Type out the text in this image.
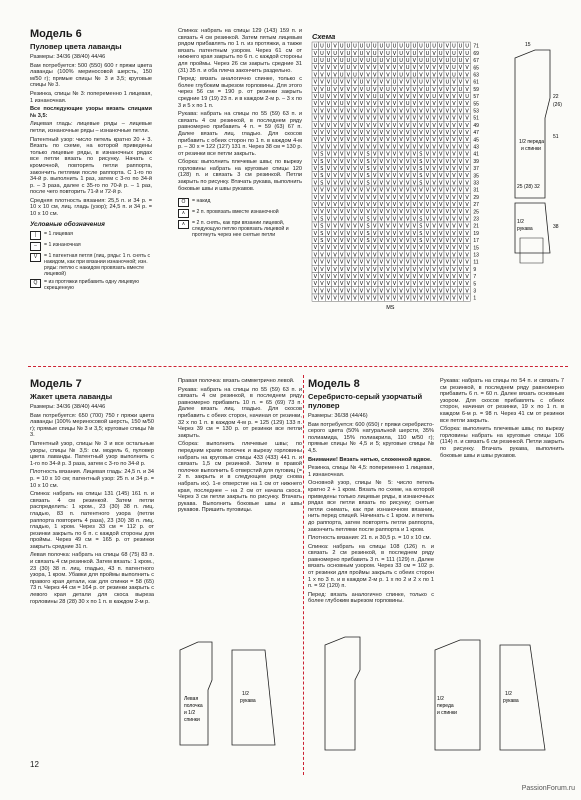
Модель 6
Пуловер цвета лаванды
Размеры: 34/36 (38/40) 44/46
Вам потребуется: 500 (550) 600 г пряжи цвета лаванды (100% мериносовой шерсть, 150 м/50 г); прямые спицы № 3 и 3,5; круговые спицы № 3.
Резинка, спицы № 3: попеременно 1 лицевая, 1 изнаночная.
Все последующие узоры вязать спицами № 3,5:
Лицевая гладь: лицевые ряды – лицевые петли, изнаночные ряды – изнаночные петли.
Патентный узор: число петель кратно 20 + 3. Вязать по схеме, на которой приведены только лицевые ряды, в изнаночных рядах все петли вязать по рисунку. Начать с кромочной, повторять петли раппорта, закончить петлями после раппорта. С 1-го по 34-й р. выполнить 1 раз, затем с 3-го по 34-й р. – 3 раза, далее с 35-го по 70-й р. – 1 раз, после чего повторить 71-й и 72-й р.
Средняя плотность вязания: 25,5 п. и 34 р. = 10 х 10 см, лиц. гладь (узор); 24,5 п. и 34 р. = 10 х 10 см.
Условные обозначения
|	= 1 лицевая
–	= 1 изнаночная
V	= 1 патентная петля (лиц. ряды: 1 п. снять с накидом, как при вязании изнаночной; изн. ряды: петлю с накидом провязать вместе лицевой)
Q	= из протяжки прибавить одну лицевую скрещенную
Спинка: набрать на спицы 129 (143) 159 п. и связать 4 см резинкой. Затем пятым лицевым рядом прибавлять по 1 п. из протяжки, а также вязать патентным узором. Через 61 см от нижнего края закрыть по 6 п. с каждой стороны для проймы. Через 26 см закрыть средние 31 (31) 35 п. и оба плеча закончить раздельно.
Перед: вязать аналогично спинке, только с более глубоким вырезом горловины. Для этого через 56 см = 190 р. от резинки закрыть средние 19 (19) 23 п. и в каждом 2-м р. – 3 х по 3 и 5 х по 1 п.
Рукава: набрать на спицы по 55 (59) 63 п. и связать 4 см резинкой, в последнем ряду равномерно прибавить 4 п. = 59 (63) 67 п. Далее вязать лиц. гладью. Для скосов прибавить с обеих сторон по 1 п. в каждом 4-м р. – 30 х = 122 (127) 131 п. Через 38 см = 130 р. от резинки все петли закрыть.
Сборка: выполнить плечевые швы; по вырезу горловины набрать на круговые спицы 120 (128) п. и связать 3 см резинкой. Петли закрыть по рисунку. Втачать рукава, выполнить боковые швы и швы рукавов.
O	= накид
∧	= 2 п. провязать вместе изнаночной
∧	= 2 п. снять, как при вязании лицевой, следующую петлю провязать лицевой и протянуть через нее снятые петли
Схема
U U U V U U U U U U U U U U U U U U U U V U U U 71
V U V U V U V U V U V U V U V U V U V U V U V U 69
U U U V U U U V U U U V U U U V U U U V U U U V 67
V V V V V U V V V V V V V V U V V V V V V U V V 65
V V V V U V U V V V V V V U V U V V V V V U V V 63
V V V U V V V U V V V V U V V V U V V V U V V V 61
V V U V V V V V U V V U V V V V V U V V V V U V 59
V U V V V V V V V U U V V V V V V V U V V V V U 57
V V V V U V V V V V V V V V U V V V V V V V V V 55
V V V V V V V V V V V V V V V V V V V V V V V V 53
V V V V V V V V V V V V V V V V V V V V V V V V 51
V V V V V V V V V V V V V V V V V V V V V V V V 49
V V V V V V V V V V V V V V V V V V V V V V V V 47
V V V V V V V V V V V V V V V V V V V V V V V V 45
V V V V V V V V V V V V V V V V V V V V V V V V 43
V S V V V V V V S V V V V V V V S V V V V V V V 41
V S V V V V V V S V V V V V V V S V V V V V V V 39
V S V V V V V V S V V V V V V V S V V V V V V V 37
V S V V V V V V S V V V V V V V S V V V V V V V 35
V S V V V V V V S V V V V V V V S V V V V V V V 33
V V V V V V V V V V V V V V V V V V V V V V V V 31
V V V V V V V V V V V V V V V V V V V V V V V V 29
V V V V V V V V V V V V V V V V V V V V V V V V 27
V V V V V V V V V V V V V V V V V V V V V V V V 25
V S V V V V V V S V V V V V V V S V V V V V V V 23
V S V V V V V V S V V V V V V V S V V V V V V V 21
V S V V V V V V S V V V V V V V S V V V V V V V 19
V S V V V V V V S V V V V V V V S V V V V V V V 17
V V V V V V V V V V V V V V V V V V V V V V V V 15
V V V V V V V V V V V V V V V V V V V V V V V V 13
V V V V V V V V V V V V V V V V V V V V V V V V 11
V V V V V V V V V V V V V V V V V V V V V V V V 9
V V V V V V V V V V V V V V V V V V V V V V V V 7
V V V V V V V V V V V V V V V V V V V V V V V V 5
V V V V V V V V V V V V V V V V V V V V V V V V 3
V V V V V V V V V V V V V V V V V V V V V V V V 1
МS
15
22
(26)
51
1/2 переда
и спинки
25 (28) 32
1/2
рукава	38
Модель 7
Жакет цвета лаванды
Размеры: 34/36 (38/40) 44/46
Вам потребуется: 650 (700) 750 г пряжи цвета лаванды (100% мериносовой шерсть, 150 м/50 г); прямые спицы № 3 и 3,5; круговые спицы № 3.
Патентный узор, спицы № 3 и все остальные узоры, спицы № 3,5: см. модель 6, пуловер цвета лаванды. Патентный узор выполнить с 1-го по 34-й р. 3 раза, затем с 3-го по 34-й р.
Плотность вязания. Лицевая гладь: 24,5 п. и 34 р. = 10 х 10 см; патентный узор: 25 п. и 34 р. = 10 х 10 см.
Спинка: набрать на спицы 131 (145) 161 п. и связать 4 см резинкой. Затем петли распределить: 1 кром., 23 (30) 38 п. лиц. гладью, 83 п. патентного узора (петли раппорта повторить 4 раза), 23 (30) 38 п. лиц. гладью, 1 кром. Через 33 см = 112 р. от резинки закрыть по 6 п. с каждой стороны для проймы. Через 49 см = 165 р. от резинки закрыть средние 31 п.
Левая полочка: набрать на спицы 68 (75) 83 п. и связать 4 см резинкой. Затем вязать: 1 кром., 23 (30) 38 п. лиц. гладью, 43 п. патентного узора, 1 кром. Убавки для проймы выполнить с правого края детали, как для спинки = 58 (65) 73 п. Через 44 см = 164 р. от резинки закрыть с левого края детали для скоса выреза горловины 28 (28) 30 х по 1 п. в каждом 2-м р.
Правая полочка: вязать симметрично левой.
Рукава: набрать на спицы по 55 (59) 63 п. и связать 4 см резинкой, в последнем ряду равномерно прибавить 10 п. = 65 (69) 73 п. Далее вязать лиц. гладью. Для скосов прибавить с обеих сторон, начиная от резинки, 32 х по 1 п. в каждом 4-м р. = 125 (129) 133 п. Через 39 см = 130 р. от резинки все петли закрыть.
Сборка: выполнить плечевые швы; по передним краям полочек и вырезу горловины набрать на круговые спицы 433 (433) 441 п. и связать 1,5 см резинкой. Затем в правой полочке выполнить 6 отверстий для пуговиц (= 2 п. закрыть и в следующем ряду снова набрать их). 1-е отверстие на 1 см от нижнего края, последнее – на 2 см от начала скоса. Через 3 см петли закрыть по рисунку. Втачать рукава. Выполнить боковые швы и швы рукавов. Пришить пуговицы.
Левая
полочка
и 1/2
спинки
1/2
рукава
Модель 8
Серебристо-серый узорчатый пуловер
Размеры: 36/38 (44/46)
Вам потребуется: 600 (650) г пряжи серебристо-серого цвета (50% натуральной шерсти, 35% полиамида, 15% полиакрила, 110 м/50 г); прямые спицы № 4,5 и 5; круговые спицы № 4,5.
Внимание! Вязать нитью, сложенной вдвое.
Резинка, спицы № 4,5: попеременно 1 лицевая, 1 изнаночная.
Основной узор, спицы № 5: число петель кратно 2 + 1 кром. Вязать по схеме, на которой приведены только лицевые ряды, в изнаночных рядах все петли вязать по рисунку; снятые петли снимать, как при изнаночном вязании, нить перед спицей. Начинать с 1 кром. и петель до раппорта, затем повторять петли раппорта, закончить петлями после раппорта и 1 кром.
Плотность вязания: 21 п. и 30,5 р. = 10 х 10 см.
Спинка: набрать на спицы 108 (126) п. и связать 2 см резинкой, в последнем ряду равномерно прибавить 3 п. = 111 (129) п. Далее вязать основным узором. Через 33 см = 102 р. от резинки для проймы закрыть с обеих сторон 1 х по 3 п. и в каждом 2-м р. 1 х по 2 и 2 х по 1 п. = 92 (120) п.
Перед: вязать аналогично спинке, только с более глубоким вырезом горловины.
Рукава: набрать на спицы по 54 п. и связать 7 см резинкой, в последнем ряду равномерно прибавить 6 п. = 60 п. Далее вязать основным узором. Для скосов прибавлять с обеих сторон, начиная от резинки, 19 х по 1 п. в каждом 6-м р. = 98 п. Через 41 см от резинки все петли закрыть.
Сборка: выполнить плечевые швы; по вырезу горловины набрать на круговые спицы 106 (114) п. и связать 6 см резинкой. Петли закрыть по рисунку. Втачать рукава, выполнить боковые швы и швы рукавов.
1/2
переда
и спинки
1/2
рукава
12
PassionForum.ru
